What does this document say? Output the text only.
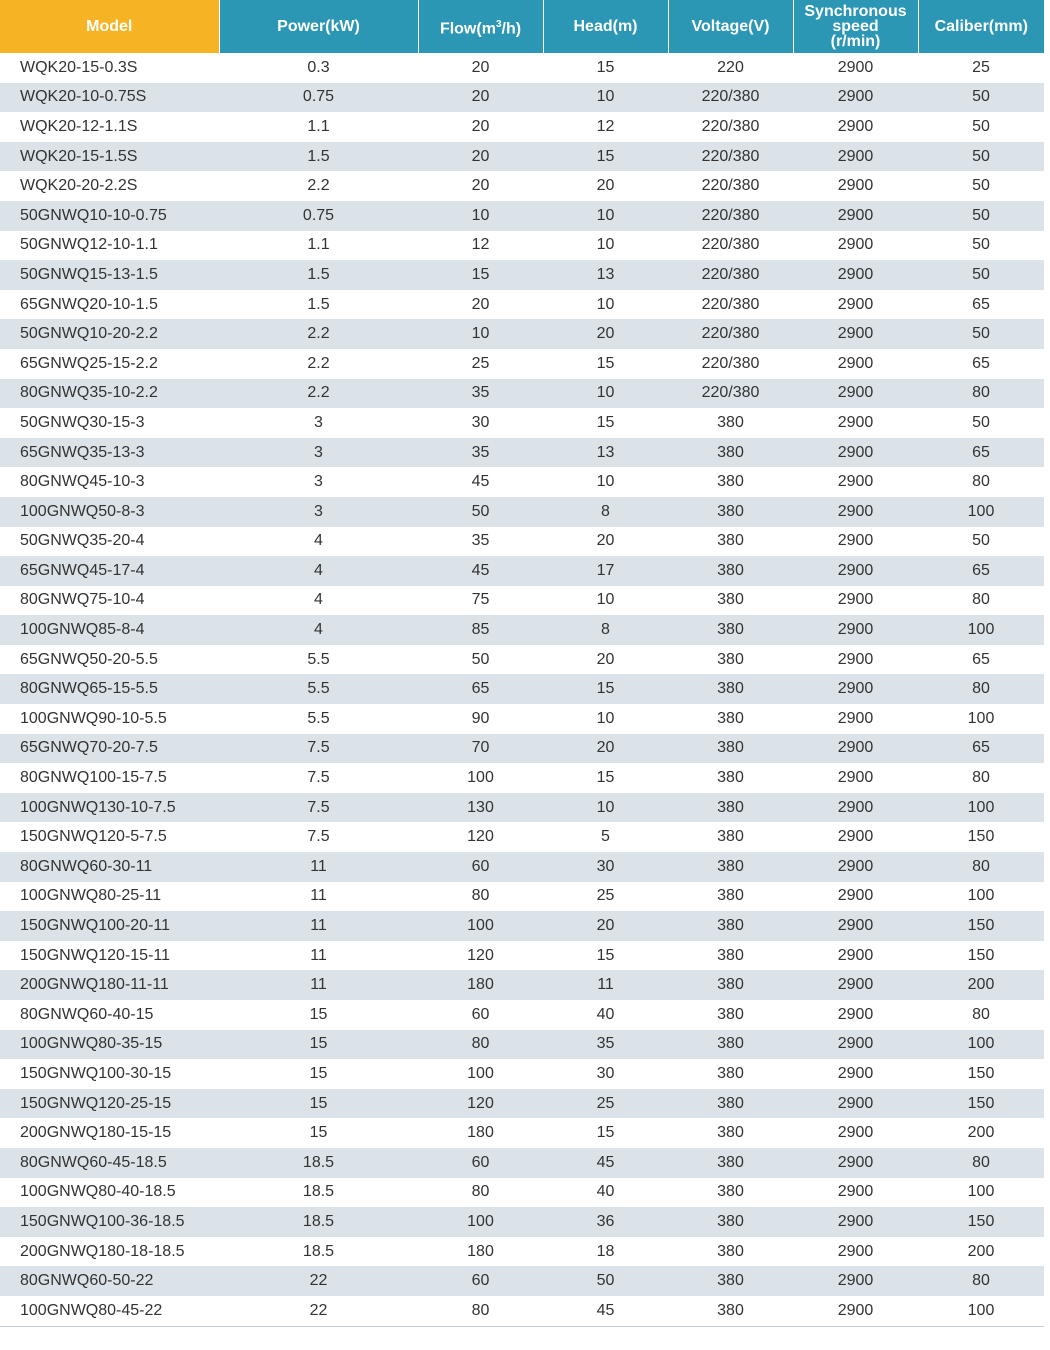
Model	Power(kW)	$Flow(m^3/h)$	Head(m)	Voltage(V)	Synchronous
speed
(r/min)	Caliber(mm)
WQK20-15-0.3S	0.3	20	15	220	2900	25
WQK20-10-0.75S	0.75	20	10	220/380	2900	50
WQK20-12-1.1S	1.1	20	12	220/380	2900	50
WQK20-15-1.5S	1.5	20	15	220/380	2900	50
WQK20-20-2.2S	2.2	20	20	220/380	2900	50
50GNWQ10-10-0.75	0.75	10	10	220/380	2900	50
50GNWQ12-10-1.1	1.1	12	10	220/380	2900	50
50GNWQ15-13-1.5	1.5	15	13	220/380	2900	50
65GNWQ20-10-1.5	1.5	20	10	220/380	2900	65
50GNWQ10-20-2.2	2.2	10	20	220/380	2900	50
65GNWQ25-15-2.2	2.2	25	15	220/380	2900	65
80GNWQ35-10-2.2	2.2	35	10	220/380	2900	80
50GNWQ30-15-3	3	30	15	380	2900	50
65GNWQ35-13-3	3	35	13	380	2900	65
80GNWQ45-10-3	3	45	10	380	2900	80
100GNWQ50-8-3	3	50	8	380	2900	100
50GNWQ35-20-4	4	35	20	380	2900	50
65GNWQ45-17-4	4	45	17	380	2900	65
80GNWQ75-10-4	4	75	10	380	2900	80
100GNWQ85-8-4	4	85	8	380	2900	100
65GNWQ50-20-5.5	5.5	50	20	380	2900	65
80GNWQ65-15-5.5	5.5	65	15	380	2900	80
100GNWQ90-10-5.5	5.5	90	10	380	2900	100
65GNWQ70-20-7.5	7.5	70	20	380	2900	65
80GNWQ100-15-7.5	7.5	100	15	380	2900	80
100GNWQ130-10-7.5	7.5	130	10	380	2900	100
150GNWQ120-5-7.5	7.5	120	5	380	2900	150
80GNWQ60-30-11	11	60	30	380	2900	80
100GNWQ80-25-11	11	80	25	380	2900	100
150GNWQ100-20-11	11	100	20	380	2900	150
150GNWQ120-15-11	11	120	15	380	2900	150
200GNWQ180-11-11	11	180	11	380	2900	200
80GNWQ60-40-15	15	60	40	380	2900	80
100GNWQ80-35-15	15	80	35	380	2900	100
150GNWQ100-30-15	15	100	30	380	2900	150
150GNWQ120-25-15	15	120	25	380	2900	150
200GNWQ180-15-15	15	180	15	380	2900	200
80GNWQ60-45-18.5	18.5	60	45	380	2900	80
100GNWQ80-40-18.5	18.5	80	40	380	2900	100
150GNWQ100-36-18.5	18.5	100	36	380	2900	150
200GNWQ180-18-18.5	18.5	180	18	380	2900	200
80GNWQ60-50-22	22	60	50	380	2900	80
100GNWQ80-45-22	22	80	45	380	2900	100
